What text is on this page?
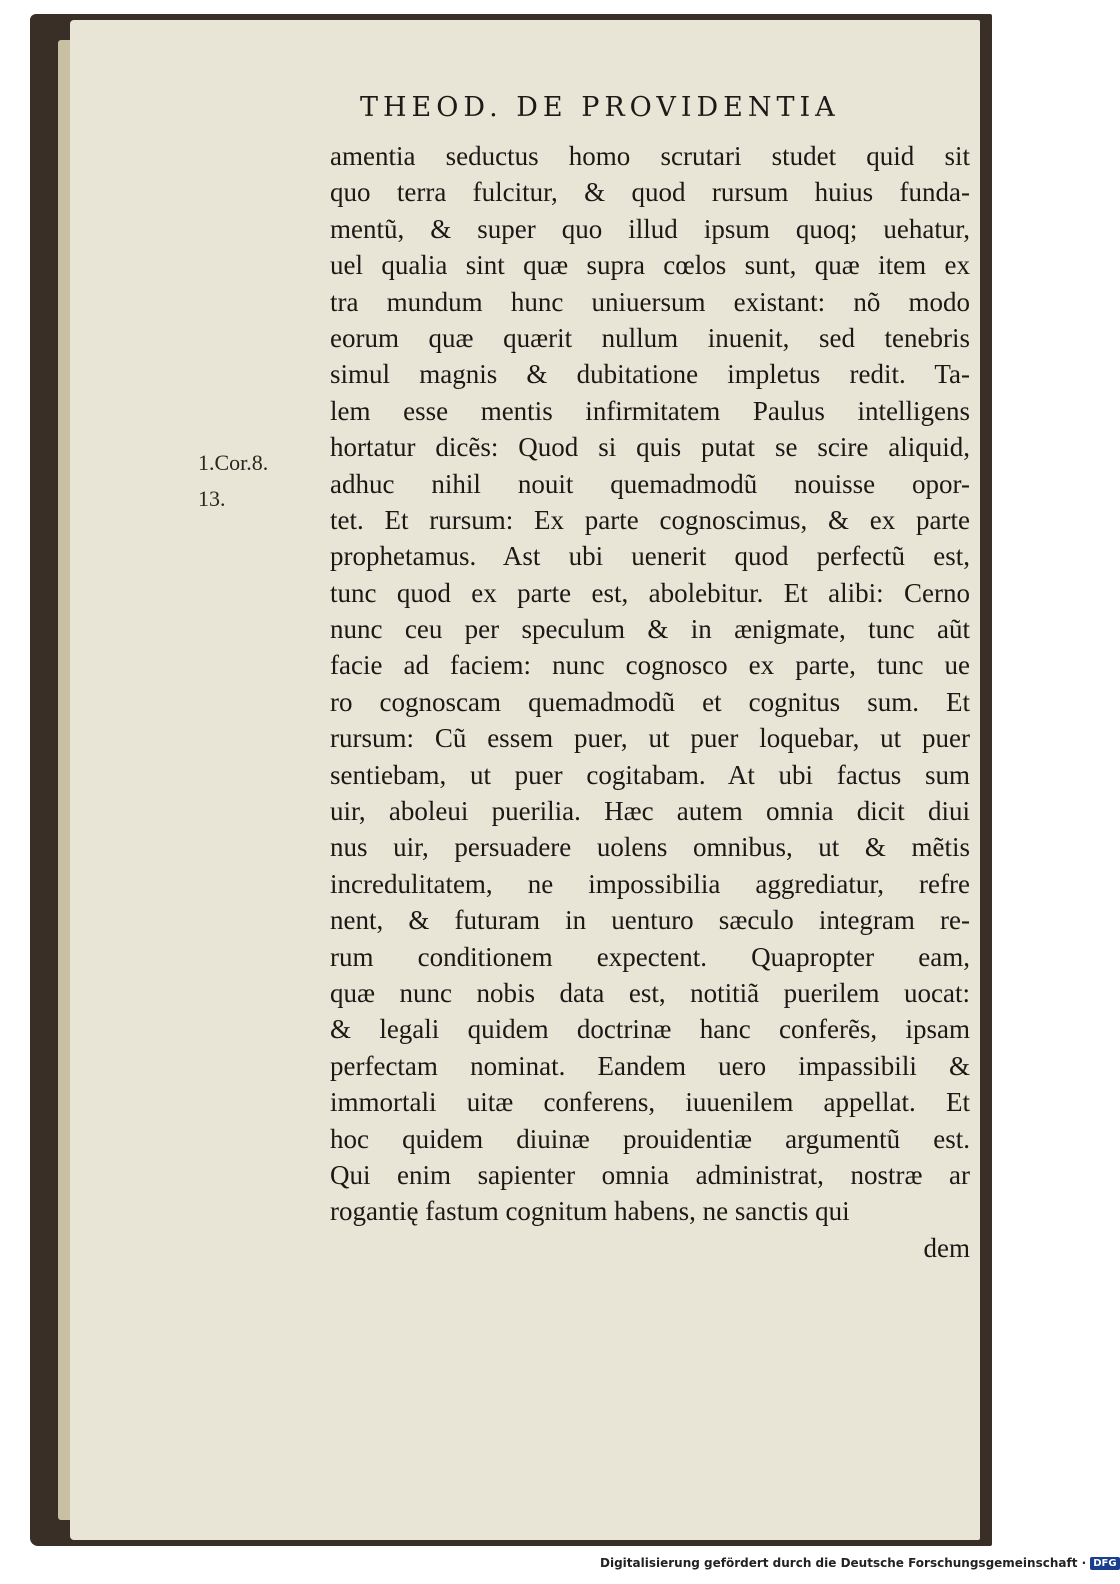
THEOD. DE PROVIDENTIA
1.Cor.8.
13.
amentia seductus homo scrutari studet quid sit
quo terra fulcitur, & quod rursum huius funda-
mentũ, & super quo illud ipsum quoq; uehatur,
uel qualia sint quæ supra cœlos sunt, quæ item ex
tra mundum hunc uniuersum existant: nõ modo
eorum quæ quærit nullum inuenit, sed tenebris
simul magnis & dubitatione impletus redit. Ta-
lem esse mentis infirmitatem Paulus intelligens
hortatur dicẽs: Quod si quis putat se scire aliquid,
adhuc nihil nouit quemadmodũ nouisse opor-
tet. Et rursum: Ex parte cognoscimus, & ex parte
prophetamus. Ast ubi uenerit quod perfectũ est,
tunc quod ex parte est, abolebitur. Et alibi: Cerno
nunc ceu per speculum & in ænigmate, tunc aũt
facie ad faciem: nunc cognosco ex parte, tunc ue
ro cognoscam quemadmodũ et cognitus sum. Et
rursum: Cũ essem puer, ut puer loquebar, ut puer
sentiebam, ut puer cogitabam. At ubi factus sum
uir, aboleui puerilia. Hæc autem omnia dicit diui
nus uir, persuadere uolens omnibus, ut & mẽtis
incredulitatem, ne impossibilia aggrediatur, refre
nent, & futuram in uenturo sæculo integram re-
rum conditionem expectent. Quapropter eam,
quæ nunc nobis data est, notitiã puerilem uocat:
& legali quidem doctrinæ hanc conferẽs, ipsam
perfectam nominat. Eandem uero impassibili &
immortali uitæ conferens, iuuenilem appellat. Et
hoc quidem diuinæ prouidentiæ argumentũ est.
Qui enim sapienter omnia administrat, nostræ ar
rogantię fastum cognitum habens, ne sanctis qui
dem
Digitalisierung gefördert durch die Deutsche Forschungsgemeinschaft · DFG
